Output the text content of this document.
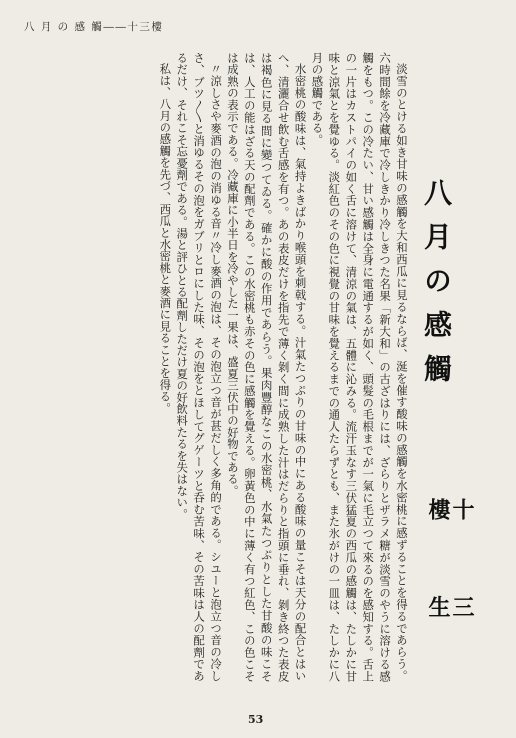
八 月 の 感 觸――十三樓
八月の感觸
十 三 樓 生

淡雪のとける如き甘味の感觸を大和西瓜に見るならば、涎を催す酸味の感觸を水密桃に感ずることを得るであらう。六時間餘を冷藏庫で冷しきかり冷しきつた名果「新大和」の古ざはりには、ざらりとザラメ糖が淡雪のやうに溶ける感觸をもつ。この冷たい、甘い感觸は全身に電通するが如く、頭髮の毛根までが一氣に毛立つて來るのを感知する。舌上の一片はカストパイの如く舌に溶けて、清涼の氣は、五體に沁みる。流汗玉なす三伏猛夏の西瓜の感觸は、たしかに甘味と涼氣とを覺ゆる。淡紅色のその色に視覺の甘味を覺えるまでの通人たらずとも、また氷がけの一皿は、たしかに八月の感觸である。

水密桃の酸味は、氣持よきばかり喉頭を刺戟する。汁氣たつぷりの甘味の中にある酸味の量こそは天分の配合とはいへ、清灑合せ飲む舌感を有つ。あの表皮だけを指先で薄く剝く間に成熟した汁はだらりと指頭に垂れ、剝き終つた表皮は褐色に見る間に變つてゐる。確かに酸の作用であらう。果肉豐醇なこの水密桃、水氣たつぷりとした甘酸の味こそは、人工の能はざる天の配劑である。この水密桃も赤その色に感觸を覺える。卵黃色の中に薄く有つ紅色、この色こそは成熟の表示である。冷藏庫に小半日を冷やした一果は、盛夏三伏中の好物である。

〃涼しさや麥酒の泡の消ゆる音〃冷し麥酒の泡は、その泡立つ音が甚だしく多角的である。シユーと泡立つ音の冷しさ、ブツ〳〵と消ゆるその泡をガブリとロにした味、その泡をとほしてグゲーツと呑む苦味、その苦味は人の配劑であるだけ、それこそ忘憂劑である。湯と評ひとる配劑しただけ夏の好飲料たるを失はない。

私は、八月の感觸を先づ、西瓜と水密桃と麥酒に見ることを得る。

53
